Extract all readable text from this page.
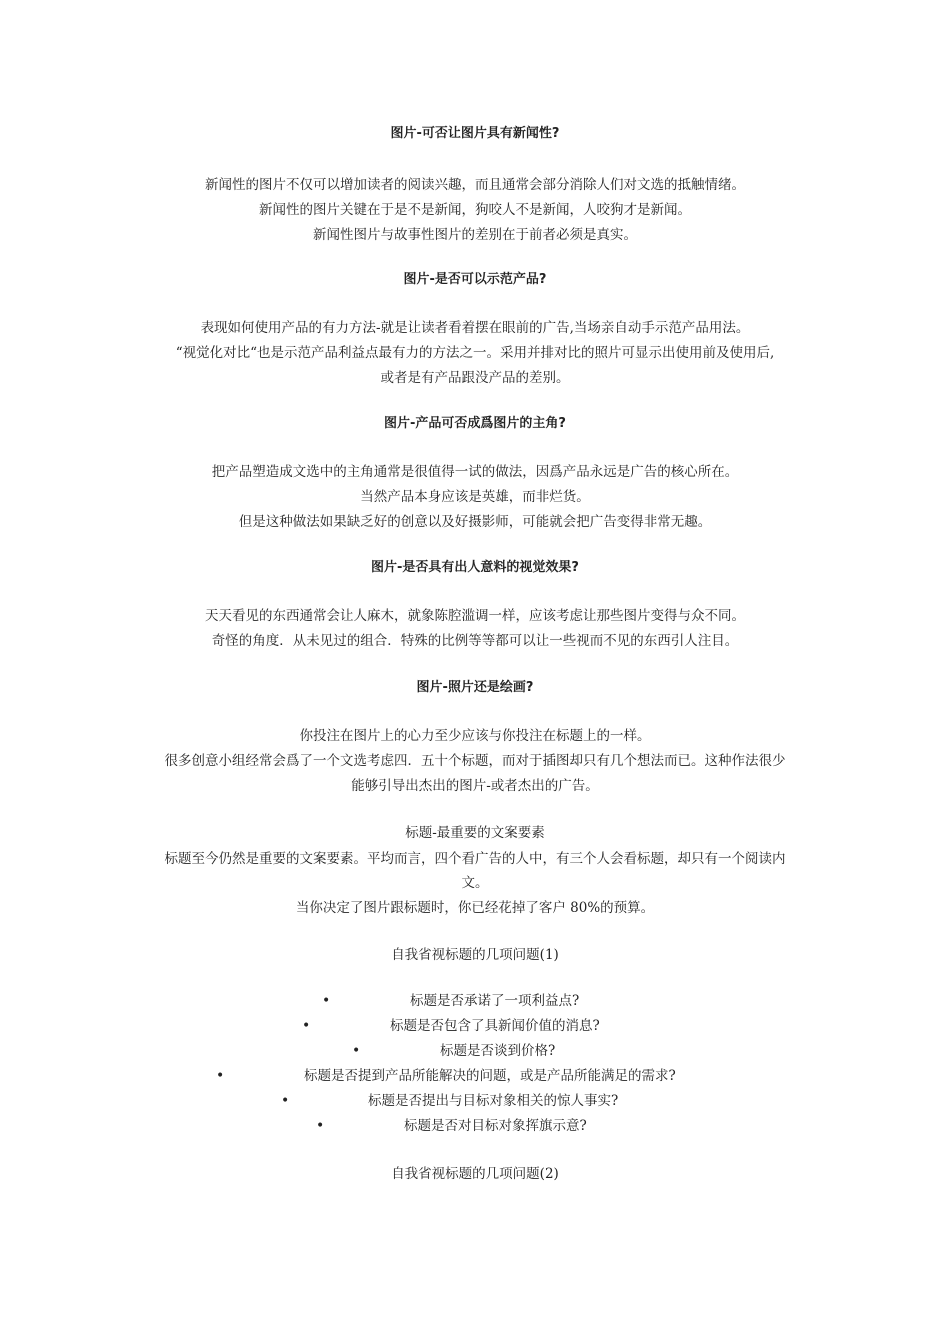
图片-可否让图片具有新闻性?
新闻性的图片不仅可以增加读者的阅读兴趣，而且通常会部分消除人们对文选的抵触情绪。
新闻性的图片关键在于是不是新闻，狗咬人不是新闻，人咬狗才是新闻。
新闻性图片与故事性图片的差别在于前者必须是真实。
图片-是否可以示范产品?
表现如何使用产品的有力方法-就是让读者看着摆在眼前的广告,当场亲自动手示范产品用法。
“视觉化对比“也是示范产品利益点最有力的方法之一。采用并排对比的照片可显示出使用前及使用后,
或者是有产品跟没产品的差别。
图片-产品可否成爲图片的主角?
把产品塑造成文选中的主角通常是很值得一试的做法，因爲产品永远是广告的核心所在。
当然产品本身应该是英雄，而非烂货。
但是这种做法如果缺乏好的创意以及好摄影师，可能就会把广告变得非常无趣。
图片-是否具有出人意料的视觉效果?
天天看见的东西通常会让人麻木，就象陈腔滥调一样，应该考虑让那些图片变得与众不同。
奇怪的角度．从未见过的组合．特殊的比例等等都可以让一些视而不见的东西引人注目。
图片-照片还是绘画?
你投注在图片上的心力至少应该与你投注在标题上的一样。
很多创意小组经常会爲了一个文选考虑四．五十个标题，而对于插图却只有几个想法而已。这种作法很少
能够引导出杰出的图片-或者杰出的广告。
标题-最重要的文案要素
标题至今仍然是重要的文案要素。平均而言，四个看广告的人中，有三个人会看标题，却只有一个阅读内
文。
当你决定了图片跟标题时，你已经花掉了客户 80%的预算。
自我省视标题的几项问题(1)
•	标题是否承诺了一项利益点?
•	标题是否包含了具新闻价值的消息?
•	标题是否谈到价格?
•	标题是否提到产品所能解决的问题，或是产品所能满足的需求?
•	标题是否提出与目标对象相关的惊人事实?
•	标题是否对目标对象挥旗示意?
自我省视标题的几项问题(2)
